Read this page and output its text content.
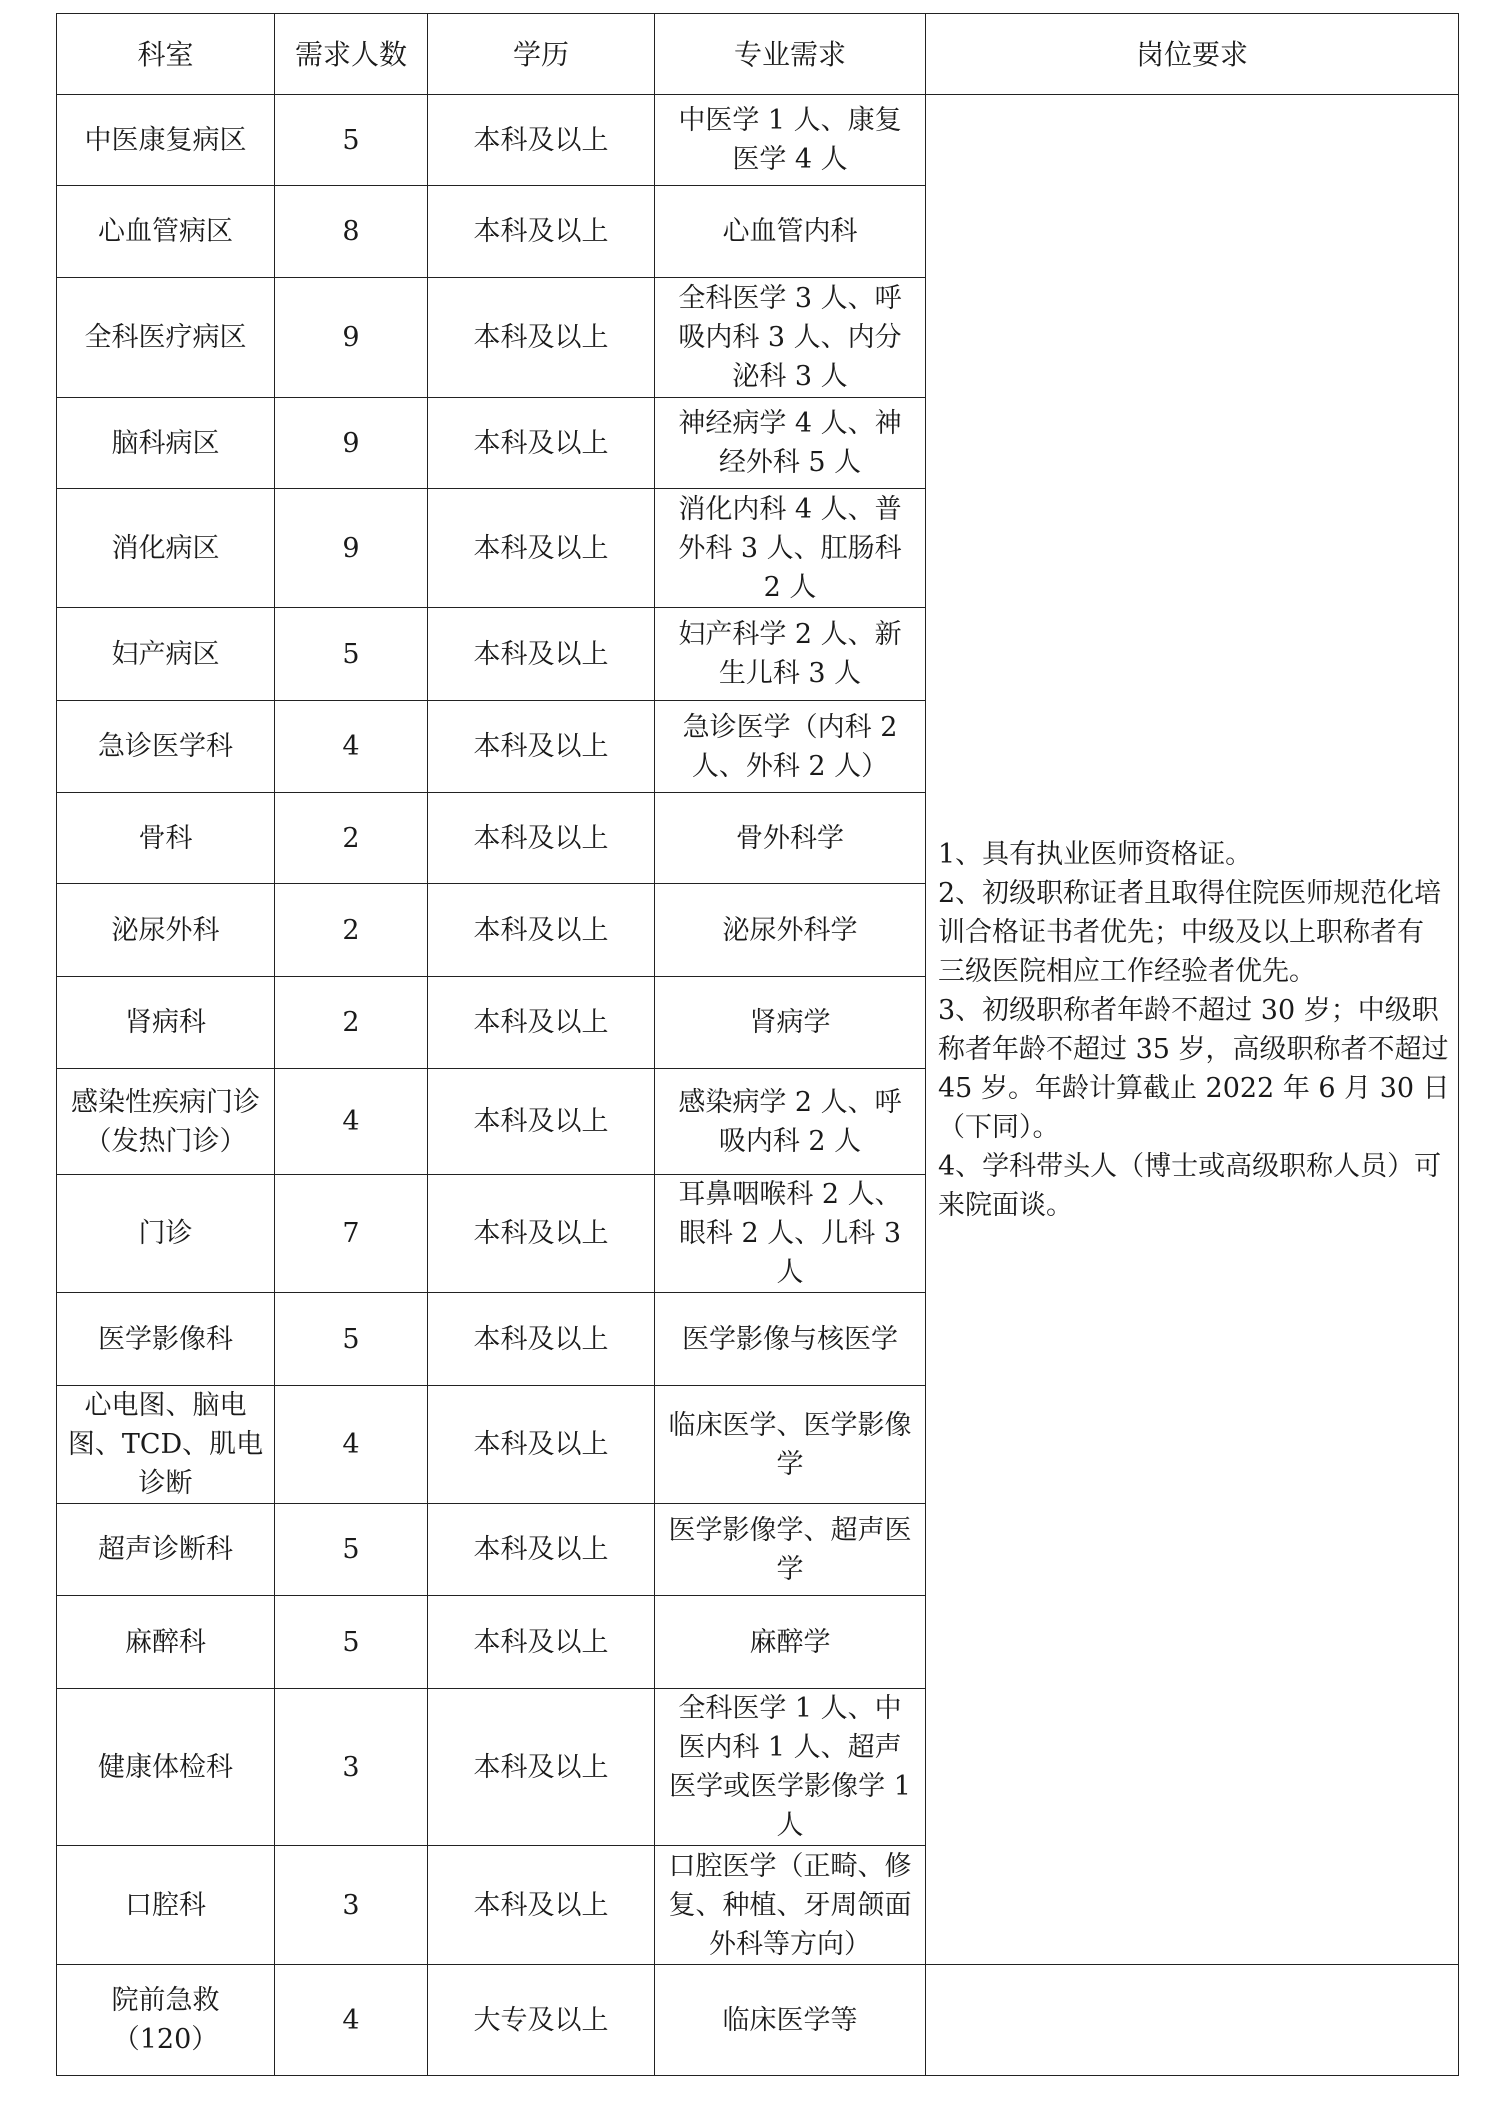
科室	需求人数	学历	专业需求	岗位要求
中医康复病区	5	本科及以上	中医学 1 人、康复医学 4 人	1、具有执业医师资格证。
2、初级职称证者且取得住院医师规范化培训合格证书者优先；中级及以上职称者有三级医院相应工作经验者优先。
3、初级职称者年龄不超过 30 岁；中级职称者年龄不超过 35 岁，高级职称者不超过 45 岁。年龄计算截止 2022 年 6 月 30 日（下同）。
4、学科带头人（博士或高级职称人员）可来院面谈。

心血管病区	8	本科及以上	心血管内科	
全科医疗病区	9	本科及以上	全科医学 3 人、呼吸内科 3 人、内分泌科 3 人	
脑科病区	9	本科及以上	神经病学 4 人、神经外科 5 人	
消化病区	9	本科及以上	消化内科 4 人、普外科 3 人、肛肠科 2 人	
妇产病区	5	本科及以上	妇产科学 2 人、新生儿科 3 人	
急诊医学科	4	本科及以上	急诊医学（内科 2 人、外科 2 人）	
骨科	2	本科及以上	骨外科学	
泌尿外科	2	本科及以上	泌尿外科学	
肾病科	2	本科及以上	肾病学	
感染性疾病门诊（发热门诊）	4	本科及以上	感染病学 2 人、呼吸内科 2 人	
门诊	7	本科及以上	耳鼻咽喉科 2 人、眼科 2 人、儿科 3 人	
医学影像科	5	本科及以上	医学影像与核医学	
心电图、脑电图、TCD、肌电诊断	4	本科及以上	临床医学、医学影像学	
超声诊断科	5	本科及以上	医学影像学、超声医学	
麻醉科	5	本科及以上	麻醉学	
健康体检科	3	本科及以上	全科医学 1 人、中医内科 1 人、超声医学或医学影像学 1 人	
口腔科	3	本科及以上	口腔医学（正畸、修复、种植、牙周颌面外科等方向）	
院前急救（120）	4	大专及以上	临床医学等	
